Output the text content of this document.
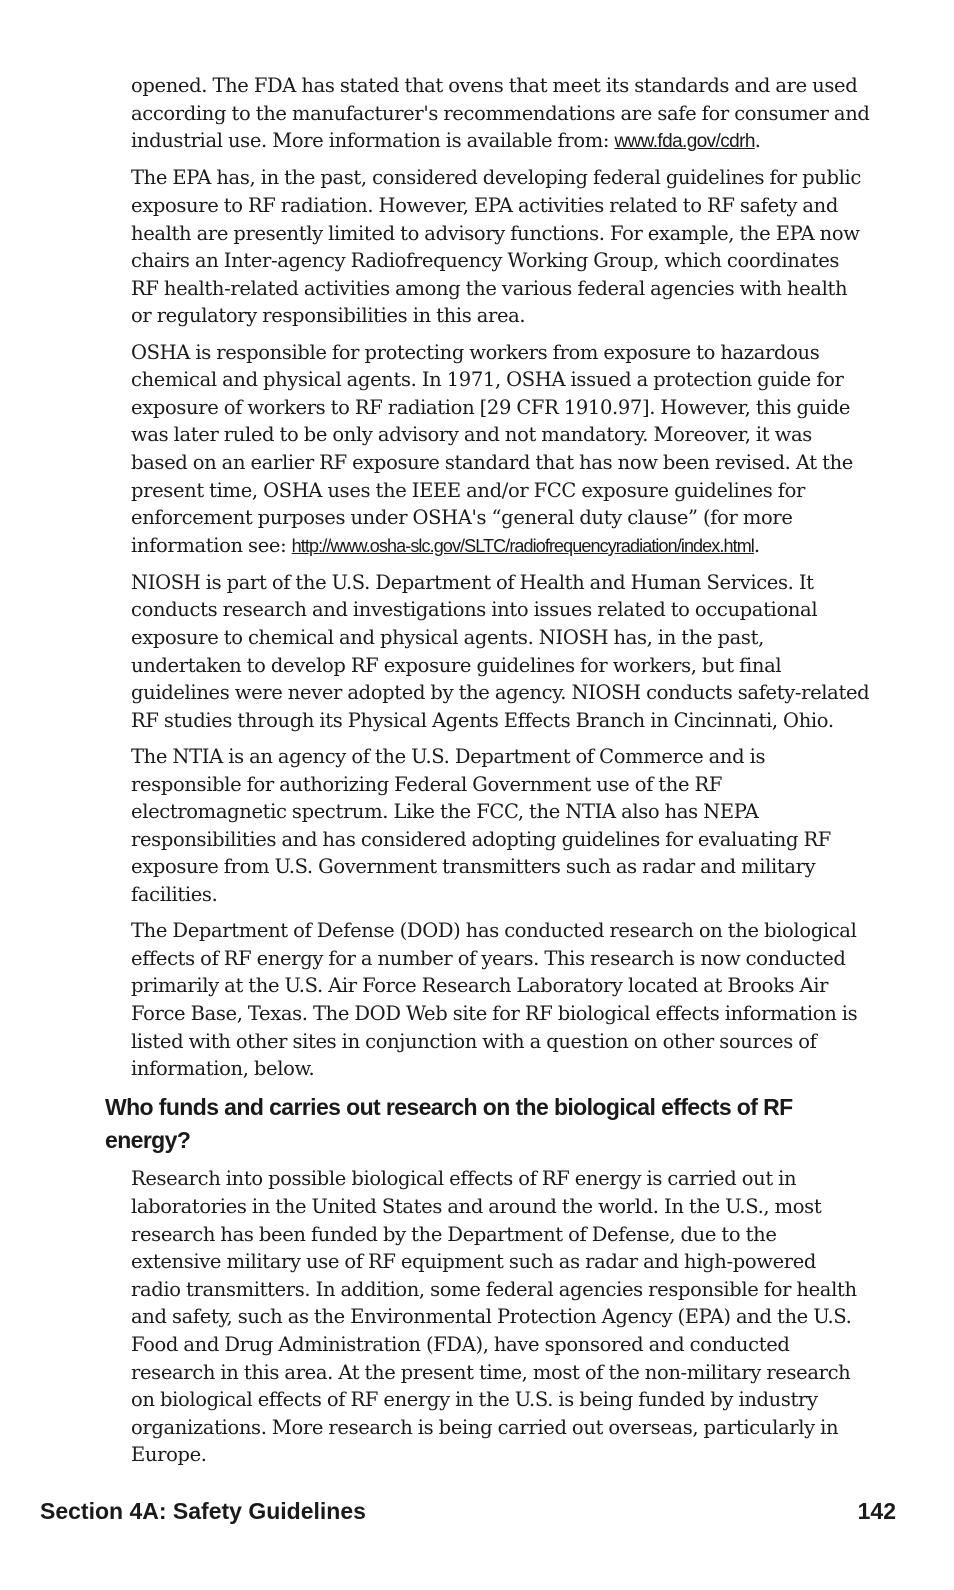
opened. The FDA has stated that ovens that meet its standards and are used according to the manufacturer's recommendations are safe for consumer and industrial use. More information is available from: www.fda.gov/cdrh.

The EPA has, in the past, considered developing federal guidelines for public exposure to RF radiation. However, EPA activities related to RF safety and health are presently limited to advisory functions. For example, the EPA now chairs an Inter-agency Radiofrequency Working Group, which coordinates RF health-related activities among the various federal agencies with health or regulatory responsibilities in this area.

OSHA is responsible for protecting workers from exposure to hazardous chemical and physical agents. In 1971, OSHA issued a protection guide for exposure of workers to RF radiation [29 CFR 1910.97]. However, this guide was later ruled to be only advisory and not mandatory. Moreover, it was based on an earlier RF exposure standard that has now been revised. At the present time, OSHA uses the IEEE and/or FCC exposure guidelines for enforcement purposes under OSHA's “general duty clause” (for more information see: http://www.osha-slc.gov/SLTC/radiofrequencyradiation/index.html.

NIOSH is part of the U.S. Department of Health and Human Services. It conducts research and investigations into issues related to occupational exposure to chemical and physical agents. NIOSH has, in the past, undertaken to develop RF exposure guidelines for workers, but final guidelines were never adopted by the agency. NIOSH conducts safety-related RF studies through its Physical Agents Effects Branch in Cincinnati, Ohio.

The NTIA is an agency of the U.S. Department of Commerce and is responsible for authorizing Federal Government use of the RF electromagnetic spectrum. Like the FCC, the NTIA also has NEPA responsibilities and has considered adopting guidelines for evaluating RF exposure from U.S. Government transmitters such as radar and military facilities.

The Department of Defense (DOD) has conducted research on the biological effects of RF energy for a number of years. This research is now conducted primarily at the U.S. Air Force Research Laboratory located at Brooks Air Force Base, Texas. The DOD Web site for RF biological effects information is listed with other sites in conjunction with a question on other sources of information, below.

Who funds and carries out research on the biological effects of RF energy?

Research into possible biological effects of RF energy is carried out in laboratories in the United States and around the world. In the U.S., most research has been funded by the Department of Defense, due to the extensive military use of RF equipment such as radar and high-powered radio transmitters. In addition, some federal agencies responsible for health and safety, such as the Environmental Protection Agency (EPA) and the U.S. Food and Drug Administration (FDA), have sponsored and conducted research in this area. At the present time, most of the non-military research on biological effects of RF energy in the U.S. is being funded by industry organizations. More research is being carried out overseas, particularly in Europe.

Section 4A: Safety Guidelines	142
